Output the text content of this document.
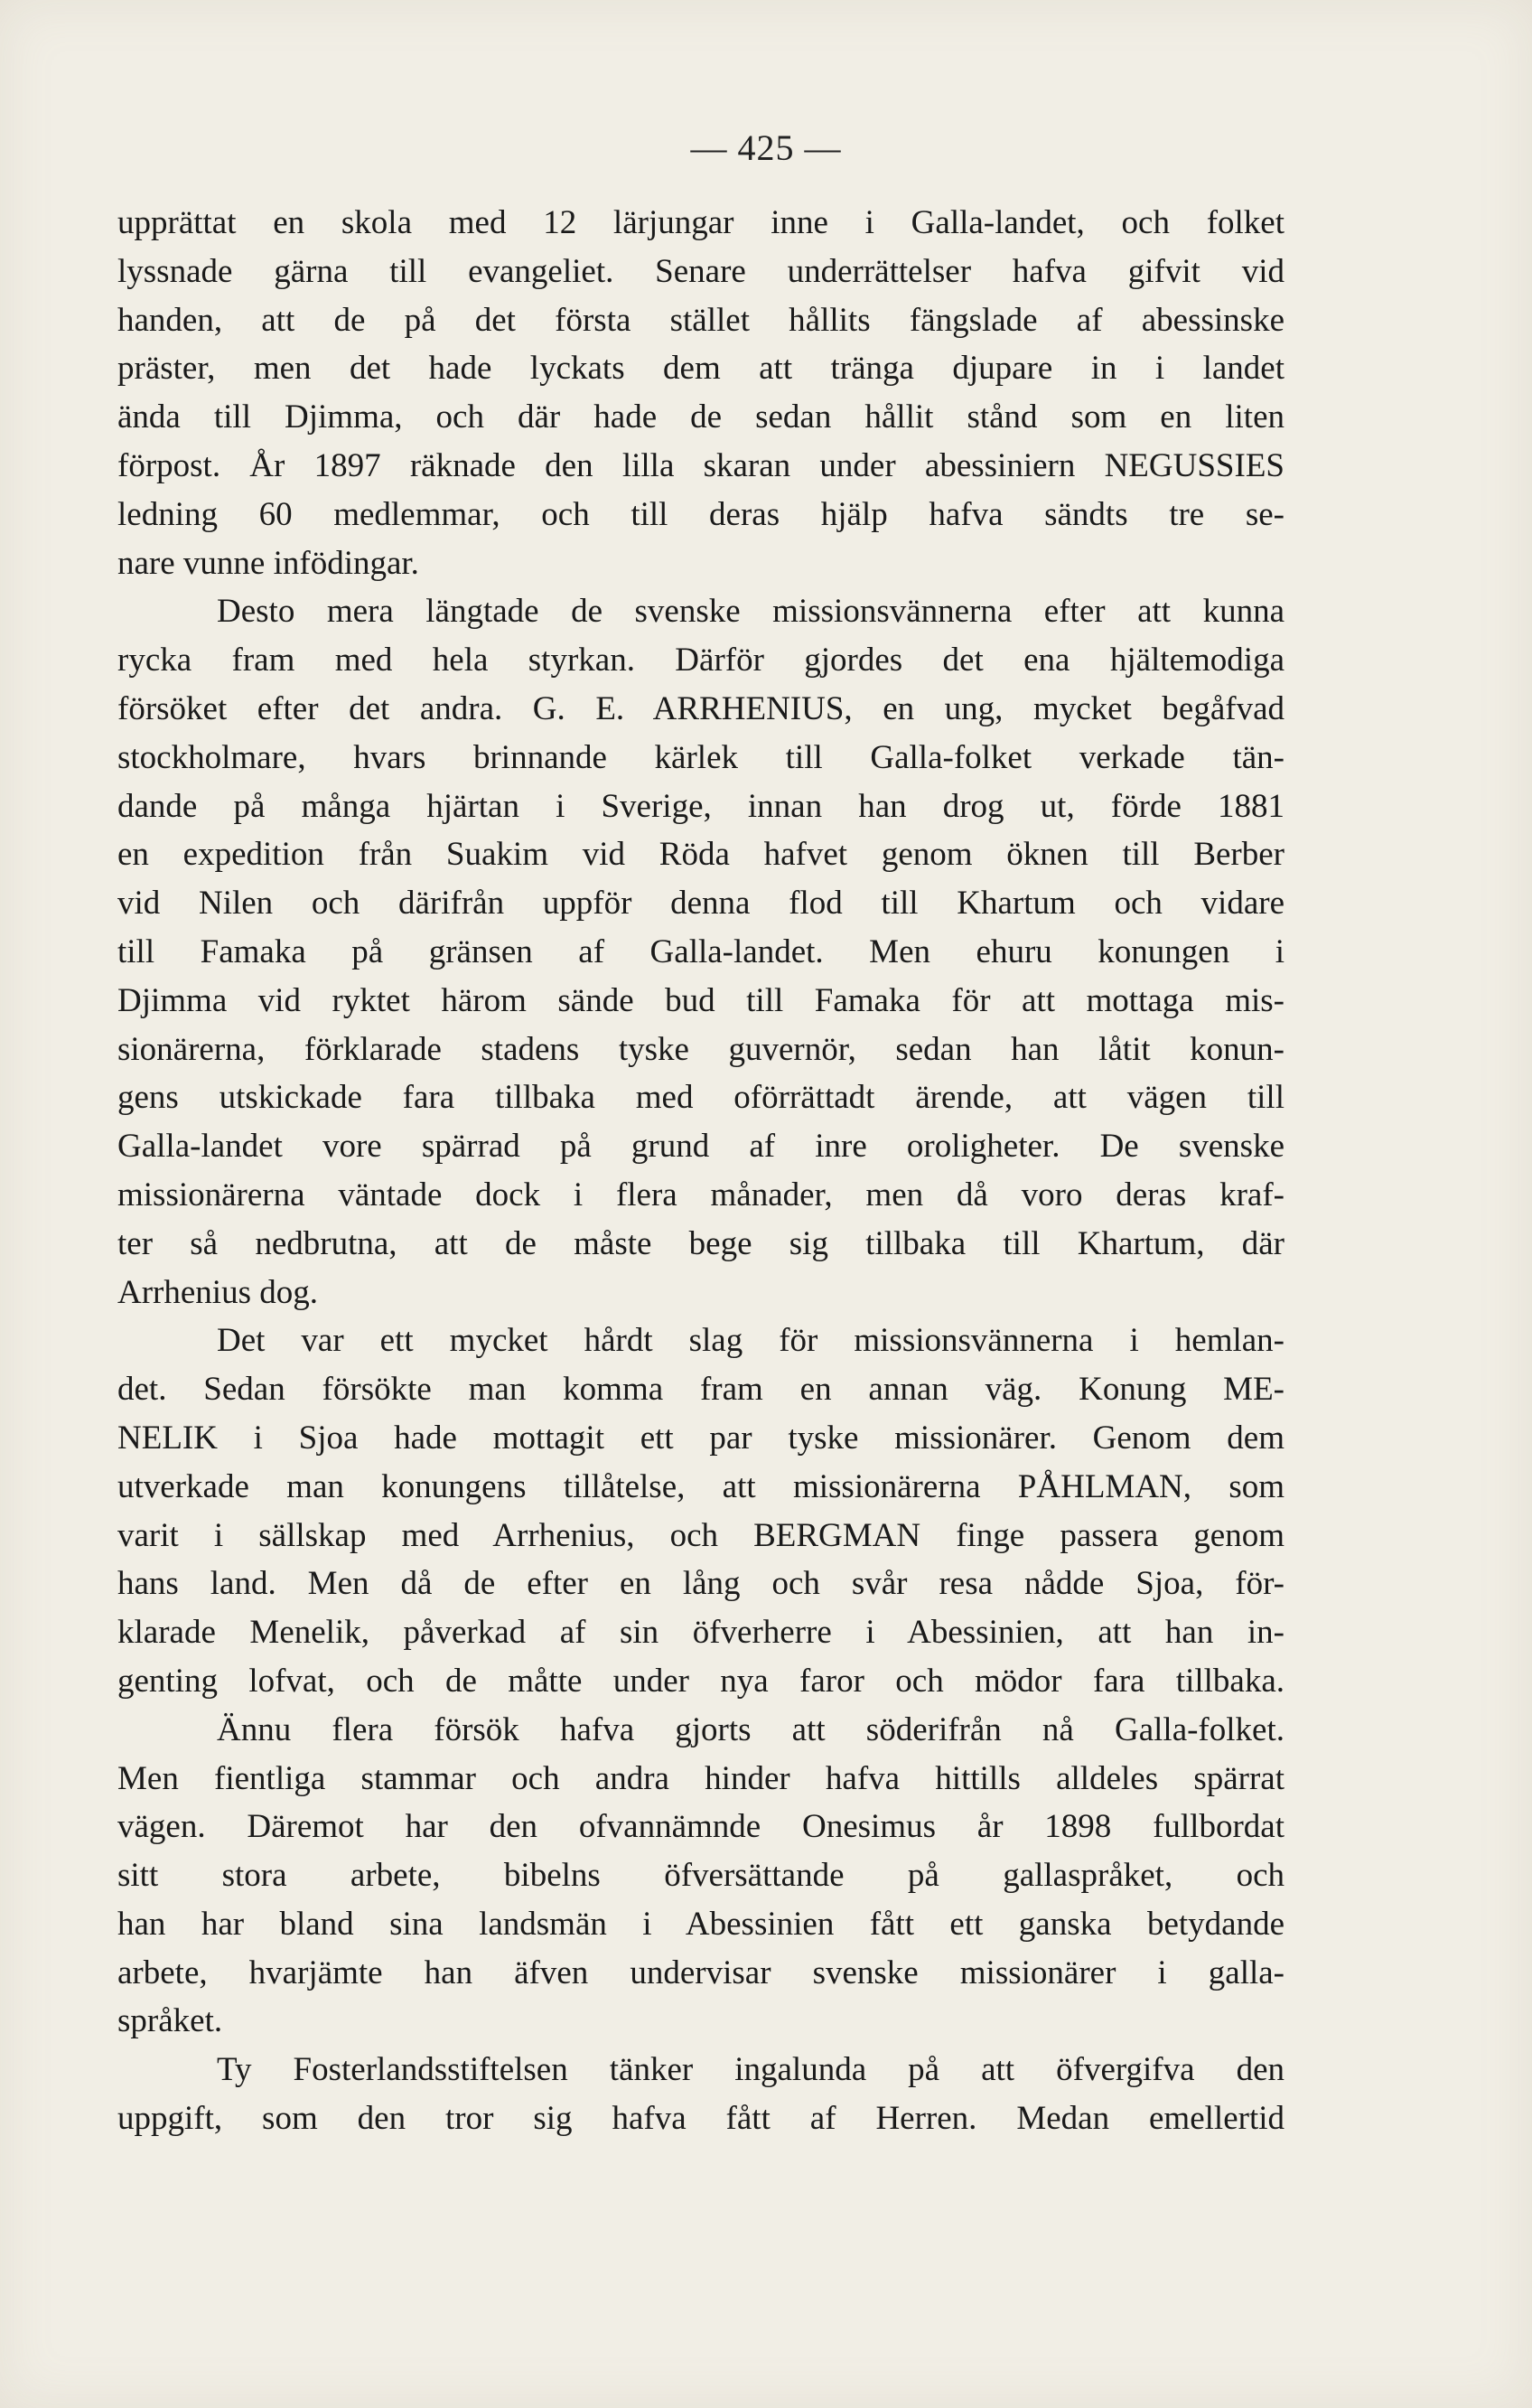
— 425 —
upprättat en skola med 12 lärjungar inne i Galla-landet, och folket
lyssnade gärna till evangeliet. Senare underrättelser hafva gifvit vid
handen, att de på det första stället hållits fängslade af abessinske
präster, men det hade lyckats dem att tränga djupare in i landet
ända till Djimma, och där hade de sedan hållit stånd som en liten
förpost. År 1897 räknade den lilla skaran under abessiniern NEGUSSIES
ledning 60 medlemmar, och till deras hjälp hafva sändts tre se-
nare vunne infödingar.
Desto mera längtade de svenske missionsvännerna efter att kunna
rycka fram med hela styrkan. Därför gjordes det ena hjältemodiga
försöket efter det andra. G. E. ARRHENIUS, en ung, mycket begåfvad
stockholmare, hvars brinnande kärlek till Galla-folket verkade tän-
dande på många hjärtan i Sverige, innan han drog ut, förde 1881
en expedition från Suakim vid Röda hafvet genom öknen till Berber
vid Nilen och därifrån uppför denna flod till Khartum och vidare
till Famaka på gränsen af Galla-landet. Men ehuru konungen i
Djimma vid ryktet härom sände bud till Famaka för att mottaga mis-
sionärerna, förklarade stadens tyske guvernör, sedan han låtit konun-
gens utskickade fara tillbaka med oförrättadt ärende, att vägen till
Galla-landet vore spärrad på grund af inre oroligheter. De svenske
missionärerna väntade dock i flera månader, men då voro deras kraf-
ter så nedbrutna, att de måste bege sig tillbaka till Khartum, där
Arrhenius dog.
Det var ett mycket hårdt slag för missionsvännerna i hemlan-
det. Sedan försökte man komma fram en annan väg. Konung ME-
NELIK i Sjoa hade mottagit ett par tyske missionärer. Genom dem
utverkade man konungens tillåtelse, att missionärerna PÅHLMAN, som
varit i sällskap med Arrhenius, och BERGMAN finge passera genom
hans land. Men då de efter en lång och svår resa nådde Sjoa, för-
klarade Menelik, påverkad af sin öfverherre i Abessinien, att han in-
genting lofvat, och de måtte under nya faror och mödor fara tillbaka.
Ännu flera försök hafva gjorts att söderifrån nå Galla-folket.
Men fientliga stammar och andra hinder hafva hittills alldeles spärrat
vägen. Däremot har den ofvannämnde Onesimus år 1898 fullbordat
sitt stora arbete, bibelns öfversättande på gallaspråket, och
han har bland sina landsmän i Abessinien fått ett ganska betydande
arbete, hvarjämte han äfven undervisar svenske missionärer i galla-
språket.
Ty Fosterlandsstiftelsen tänker ingalunda på att öfvergifva den
uppgift, som den tror sig hafva fått af Herren. Medan emellertid
